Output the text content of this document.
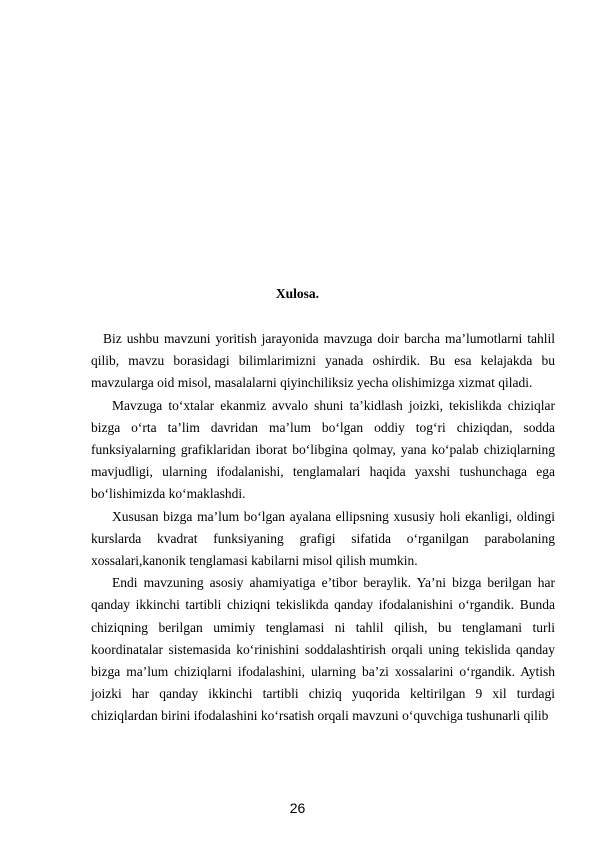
Xulosa.

Biz ushbu mavzuni yoritish jarayonida mavzuga doir barcha ma’lumotlarni tahlil qilib, mavzu borasidagi bilimlarimizni yanada oshirdik. Bu esa kelajakda bu mavzularga oid misol, masalalarni qiyinchiliksiz yecha olishimizga xizmat qiladi.

Mavzuga to‘xtalar ekanmiz avvalo shuni ta’kidlash joizki, tekislikda chiziqlar bizga o‘rta ta’lim davridan ma’lum bo‘lgan oddiy tog‘ri chiziqdan, sodda funksiyalarning grafiklaridan iborat bo‘libgina qolmay, yana ko‘palab chiziqlarning mavjudligi, ularning ifodalanishi, tenglamalari haqida yaxshi tushunchaga ega bo‘lishimizda ko‘maklashdi.

Xususan bizga ma’lum bo‘lgan ayalana ellipsning xususiy holi ekanligi, oldingi kurslarda kvadrat funksiyaning grafigi sifatida o‘rganilgan parabolaning xossalari,kanonik tenglamasi kabilarni misol qilish mumkin.

Endi mavzuning asosiy ahamiyatiga e’tibor beraylik. Ya’ni bizga berilgan har qanday ikkinchi tartibli chiziqni tekislikda qanday ifodalanishini o‘rgandik. Bunda chiziqning berilgan umimiy tenglamasi ni tahlil qilish, bu tenglamani turli koordinatalar sistemasida ko‘rinishini soddalashtirish orqali uning tekislida qanday bizga ma’lum chiziqlarni ifodalashini, ularning ba’zi xossalarini o‘rgandik. Aytish joizki har qanday ikkinchi tartibli chiziq yuqorida keltirilgan 9 xil turdagi chiziqlardan birini ifodalashini ko‘rsatish orqali mavzuni o‘quvchiga tushunarli qilib

26
